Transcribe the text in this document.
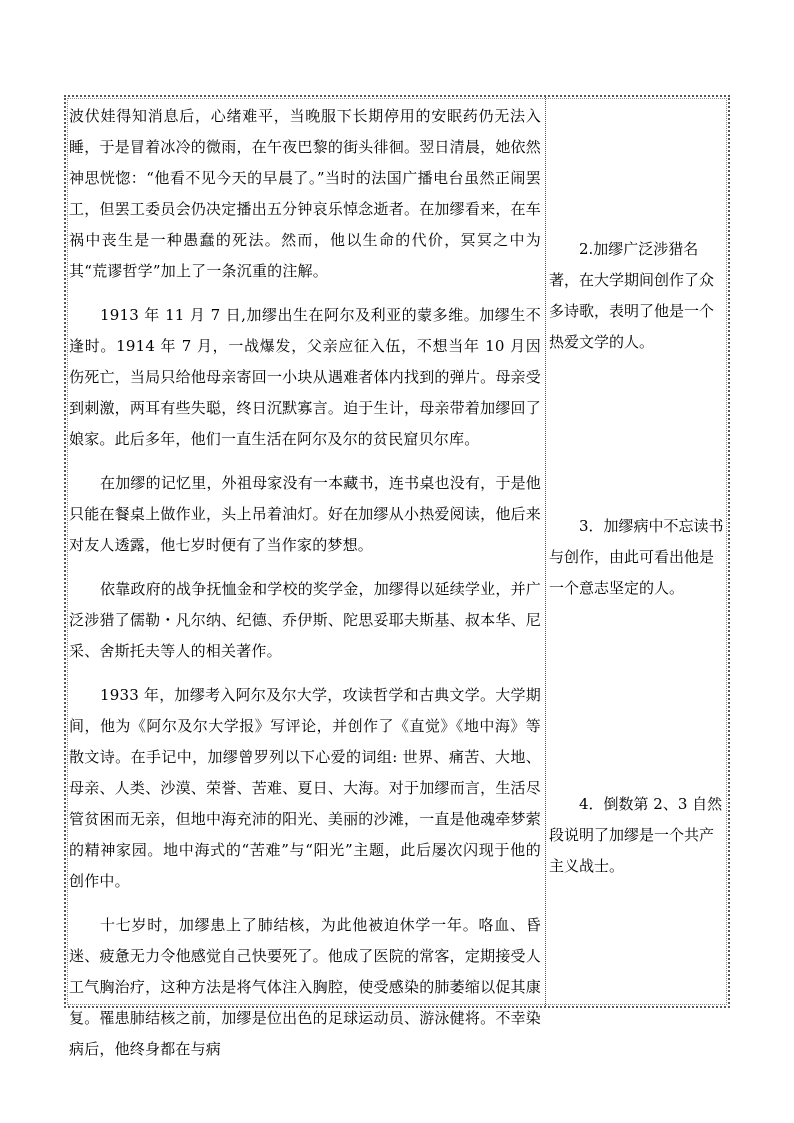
波伏娃得知消息后，心绪难平，当晚服下长期停用的安眠药仍无法入睡，于是冒着冰冷的微雨，在午夜巴黎的街头徘徊。翌日清晨，她依然神思恍惚：“他看不见今天的早晨了。”当时的法国广播电台虽然正闹罢工，但罢工委员会仍决定播出五分钟哀乐悼念逝者。在加缪看来，在车祸中丧生是一种愚蠢的死法。然而，他以生命的代价，冥冥之中为其“荒谬哲学”加上了一条沉重的注解。

1913 年 11 月 7 日,加缪出生在阿尔及利亚的蒙多维。加缪生不逢时。1914 年 7 月，一战爆发，父亲应征入伍，不想当年 10 月因伤死亡，当局只给他母亲寄回一小块从遇难者体内找到的弹片。母亲受到刺激，两耳有些失聪，终日沉默寡言。迫于生计，母亲带着加缪回了娘家。此后多年，他们一直生活在阿尔及尔的贫民窟贝尔库。

在加缪的记忆里，外祖母家没有一本藏书，连书桌也没有，于是他只能在餐桌上做作业，头上吊着油灯。好在加缪从小热爱阅读，他后来对友人透露，他七岁时便有了当作家的梦想。

依靠政府的战争抚恤金和学校的奖学金，加缪得以延续学业，并广泛涉猎了儒勒・凡尔纳、纪德、乔伊斯、陀思妥耶夫斯基、叔本华、尼采、舍斯托夫等人的相关著作。

1933 年，加缪考入阿尔及尔大学，攻读哲学和古典文学。大学期间，他为《阿尔及尔大学报》写评论，并创作了《直觉》《地中海》等散文诗。在手记中，加缪曾罗列以下心爱的词组: 世界、痛苦、大地、母亲、人类、沙漠、荣誉、苦难、夏日、大海。对于加缪而言，生活尽管贫困而无亲，但地中海充沛的阳光、美丽的沙滩，一直是他魂牵梦萦的精神家园。地中海式的“苦难”与“阳光”主题，此后屡次闪现于他的创作中。

十七岁时，加缪患上了肺结核，为此他被迫休学一年。咯血、昏迷、疲惫无力令他感觉自己快要死了。他成了医院的常客，定期接受人工气胸治疗，这种方法是将气体注入胸腔，使受感染的肺萎缩以促其康复。罹患肺结核之前，加缪是位出色的足球运动员、游泳健将。不幸染病后，他终身都在与病

2.加缪广泛涉猎名著，在大学期间创作了众多诗歌，表明了他是一个热爱文学的人。

3．加缪病中不忘读书与创作，由此可看出他是一个意志坚定的人。

4．倒数第 2、3 自然段说明了加缪是一个共产主义战士。
